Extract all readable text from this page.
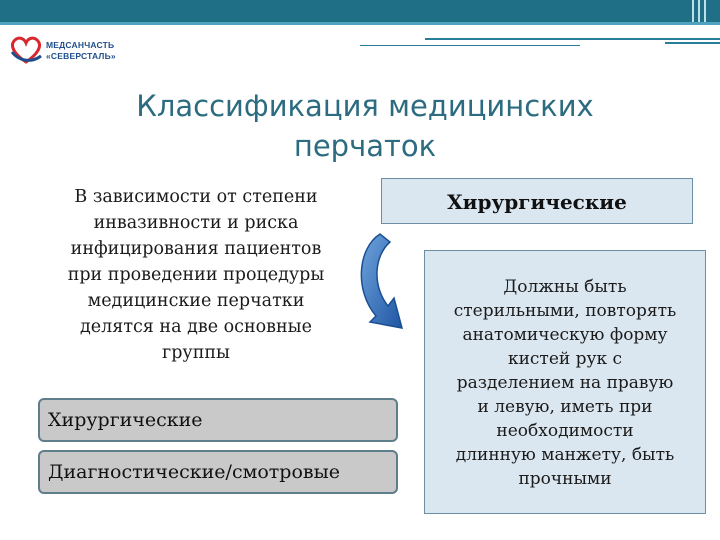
МЕДСАНЧАСТЬ
«СЕВЕРСТАЛЬ»
Классификация медицинских
перчаток
В зависимости от степени
инвазивности и риска
инфицирования пациентов
при проведении процедуры
медицинские перчатки
делятся на две основные
группы
Хирургические
Диагностические/смотровые
Хирургические
Должны быть
стерильными, повторять
анатомическую форму
кистей рук с
разделением на правую
и левую, иметь при
необходимости
длинную манжету, быть
прочными
